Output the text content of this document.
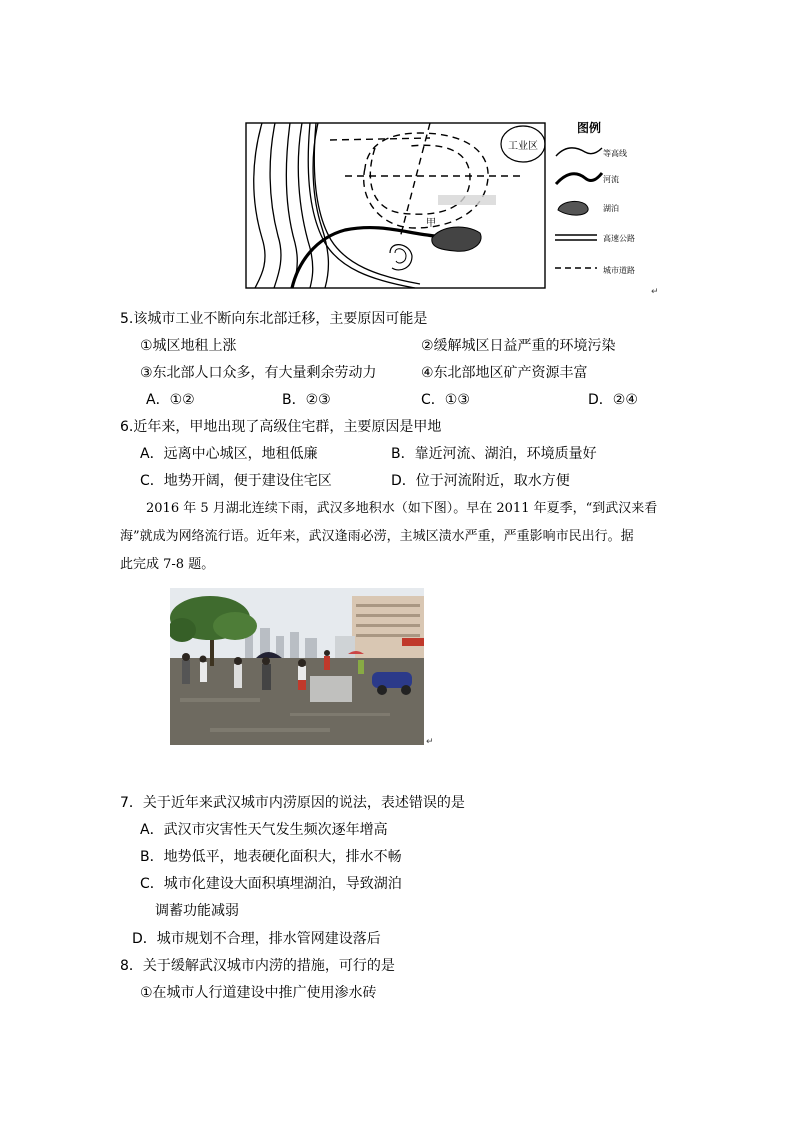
工业区
甲
图例
等高线
河流
湖泊
高速公路
城市道路
↵
5.该城市工业不断向东北部迁移，主要原因可能是
①城区地租上涨	②缓解城区日益严重的环境污染
③东北部人口众多，有大量剩余劳动力	④东北部地区矿产资源丰富
A．①②	B．②③	C．①③	D．②④
6.近年来，甲地出现了高级住宅群，主要原因是甲地
A．远离中心城区，地租低廉	B．靠近河流、湖泊，环境质量好
C．地势开阔，便于建设住宅区	D．位于河流附近，取水方便
2016 年 5 月湖北连续下雨，武汉多地积水（如下图）。早在 2011 年夏季，“到武汉来看
海”就成为网络流行语。近年来，武汉逢雨必涝，主城区渍水严重，严重影响市民出行。据
此完成 7-8 题。
↵
7．关于近年来武汉城市内涝原因的说法，表述错误的是
A．武汉市灾害性天气发生频次逐年增高
B．地势低平，地表硬化面积大，排水不畅
C．城市化建设大面积填埋湖泊，导致湖泊
调蓄功能减弱
D．城市规划不合理，排水管网建设落后
8．关于缓解武汉城市内涝的措施，可行的是
①在城市人行道建设中推广使用渗水砖
